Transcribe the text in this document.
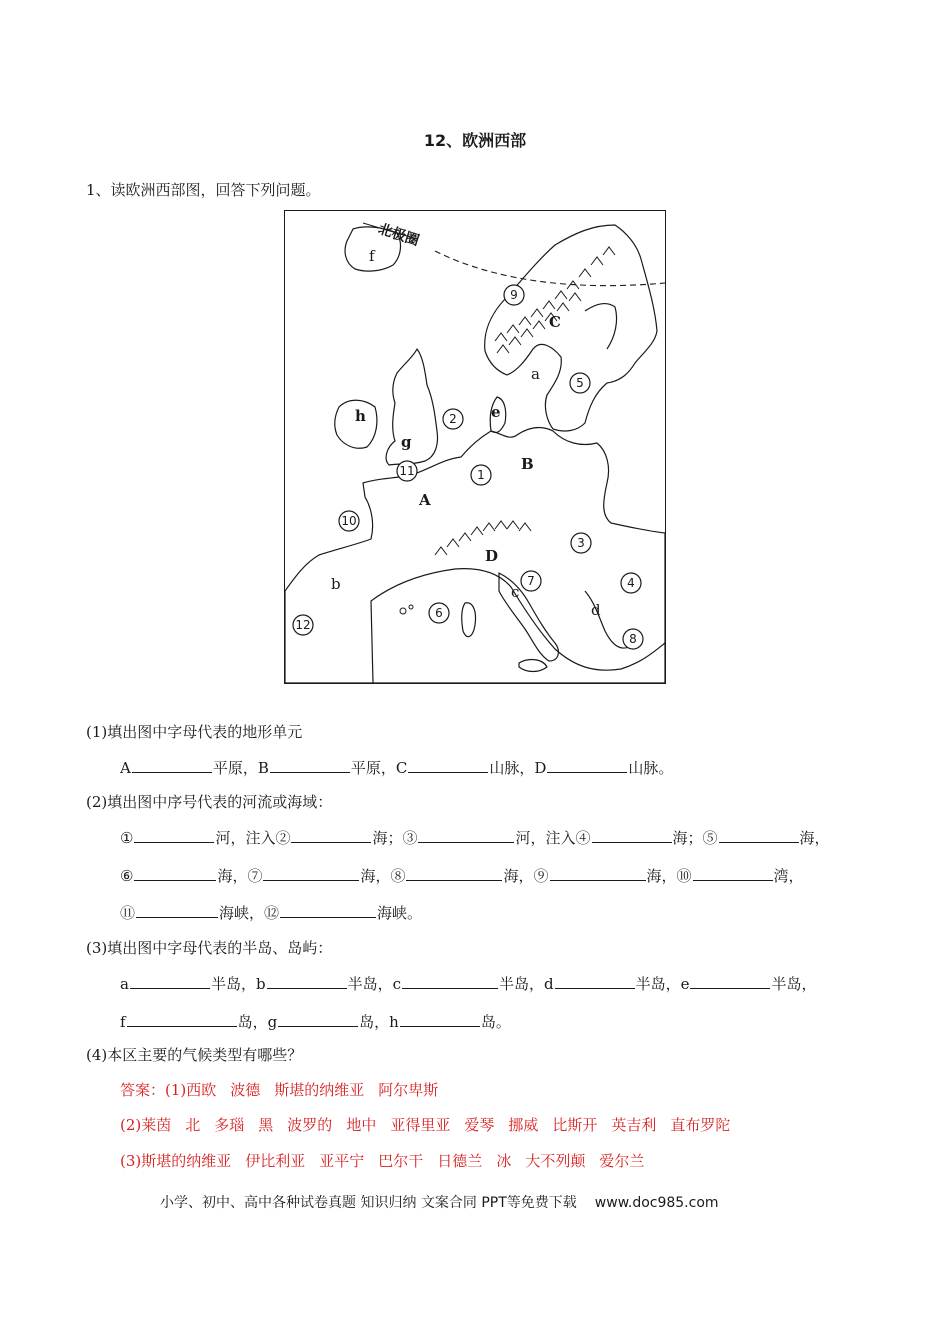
12、欧洲西部
1、读欧洲西部图，回答下列问题。
北极圈
f
C
a
h
g
e
B
A
D
b	c
d
9
5
2
11	1
10
3
4
7
6
8
12
(1)填出图中字母代表的地形单元
A	平原，B	平原，C	山脉，D	山脉。
(2)填出图中序号代表的河流或海域：
①	河，注入②	海；③	河，注入④	海；⑤	海，
⑥	海，⑦	海，⑧	海，⑨	海，⑩	湾，
⑪	海峡，⑫	海峡。
(3)填出图中字母代表的半岛、岛屿：
a	半岛，b	半岛，c	半岛，d	半岛，e	半岛，
f	岛，g	岛，h	岛。
(4)本区主要的气候类型有哪些？
答案：(1)西欧 波德 斯堪的纳维亚 阿尔卑斯
(2)莱茵 北 多瑙 黑 波罗的 地中 亚得里亚 爱琴 挪威 比斯开 英吉利 直布罗陀
(3)斯堪的纳维亚 伊比利亚 亚平宁 巴尔干 日德兰 冰 大不列颠 爱尔兰
小学、初中、高中各种试卷真题 知识归纳 文案合同 PPT等免费下载 www.doc985.com
